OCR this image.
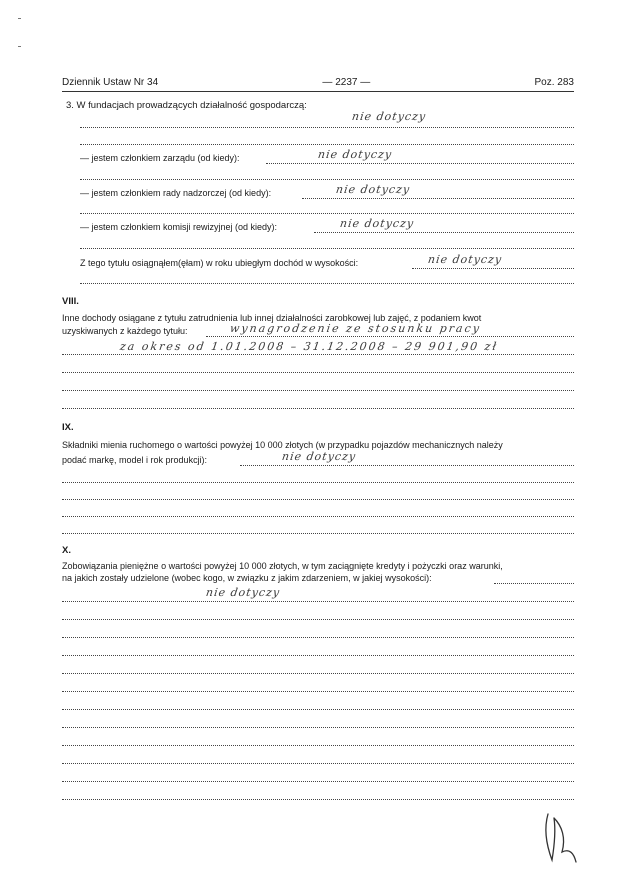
Dziennik Ustaw Nr 34	— 2237 —	Poz. 283
3. W fundacjach prowadzących działalność gospodarczą:
nie dotyczy
— jestem członkiem zarządu (od kiedy):	nie dotyczy
— jestem członkiem rady nadzorczej (od kiedy):	nie dotyczy
— jestem członkiem komisji rewizyjnej (od kiedy):	nie dotyczy
Z tego tytułu osiągnąłem(ęłam) w roku ubiegłym dochód w wysokości:	nie dotyczy
VIII.
Inne dochody osiągane z tytułu zatrudnienia lub innej działalności zarobkowej lub zajęć, z podaniem kwot
uzyskiwanych z każdego tytułu:	wynagrodzenie ze stosunku pracy
za okres od 1.01.2008 – 31.12.2008 – 29 901,90 zł
IX.
Składniki mienia ruchomego o wartości powyżej 10 000 złotych (w przypadku pojazdów mechanicznych należy
podać markę, model i rok produkcji):	nie dotyczy
X.
Zobowiązania pieniężne o wartości powyżej 10 000 złotych, w tym zaciągnięte kredyty i pożyczki oraz warunki,
na jakich zostały udzielone (wobec kogo, w związku z jakim zdarzeniem, w jakiej wysokości):
nie dotyczy
